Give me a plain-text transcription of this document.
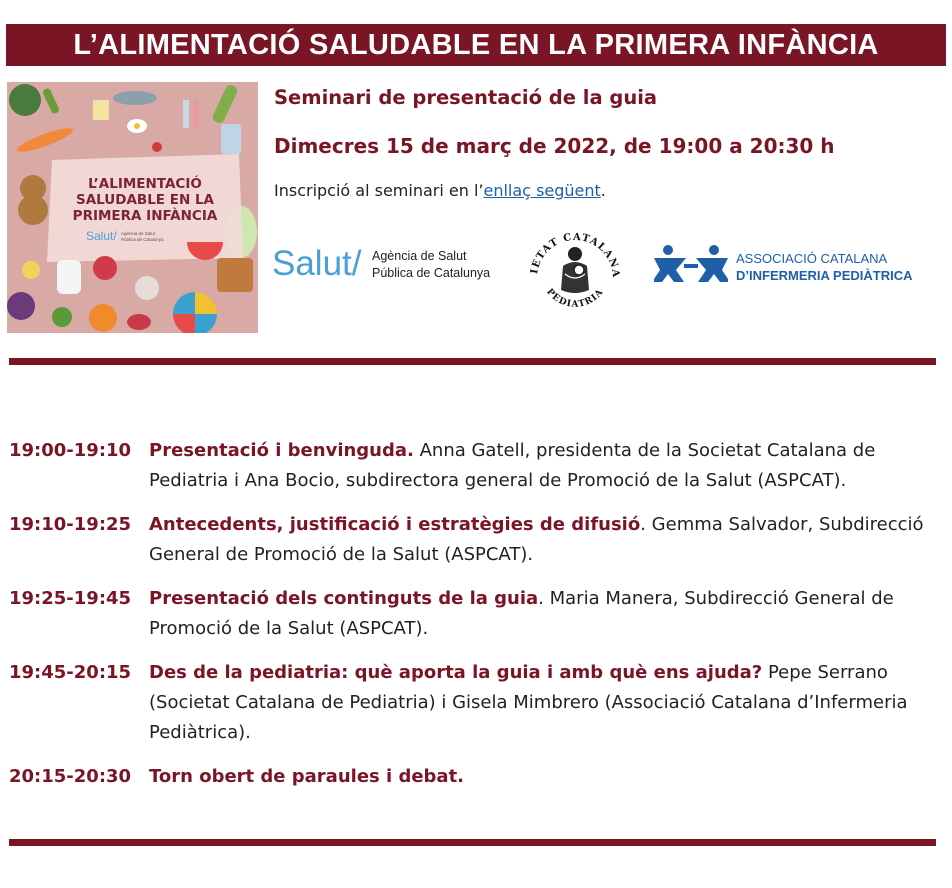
L’ALIMENTACIÓ SALUDABLE EN LA PRIMERA INFÀNCIA
L’ALIMENTACIÓ
SALUDABLE EN LA
PRIMERA INFÀNCIA
Salut/ Agència de Salut
Pública de Catalunya
Seminari de presentació de la guia
Dimecres 15 de març de 2022, de 19:00 a 20:30 h
Inscripció al seminari en l’enllaç següent.
Salut/ Agència de Salut
Pública de Catalunya	IETAT CATALANA
PEDIATRIA
ASSOCIACIÓ CATALANA
D’INFERMERIA PEDIÀTRICA
19:00-19:10 Presentació i benvinguda. Anna Gatell, presidenta de la Societat Catalana de Pediatria i Ana Bocio, subdirectora general de Promoció de la Salut (ASPCAT).
19:10-19:25 Antecedents, justificació i estratègies de difusió. Gemma Salvador, Subdirecció General de Promoció de la Salut (ASPCAT).
19:25-19:45 Presentació dels continguts de la guia. Maria Manera, Subdirecció General de Promoció de la Salut (ASPCAT).
19:45-20:15 Des de la pediatria: què aporta la guia i amb què ens ajuda? Pepe Serrano (Societat Catalana de Pediatria) i Gisela Mimbrero (Associació Catalana d’Infermeria Pediàtrica).
20:15-20:30 Torn obert de paraules i debat.
